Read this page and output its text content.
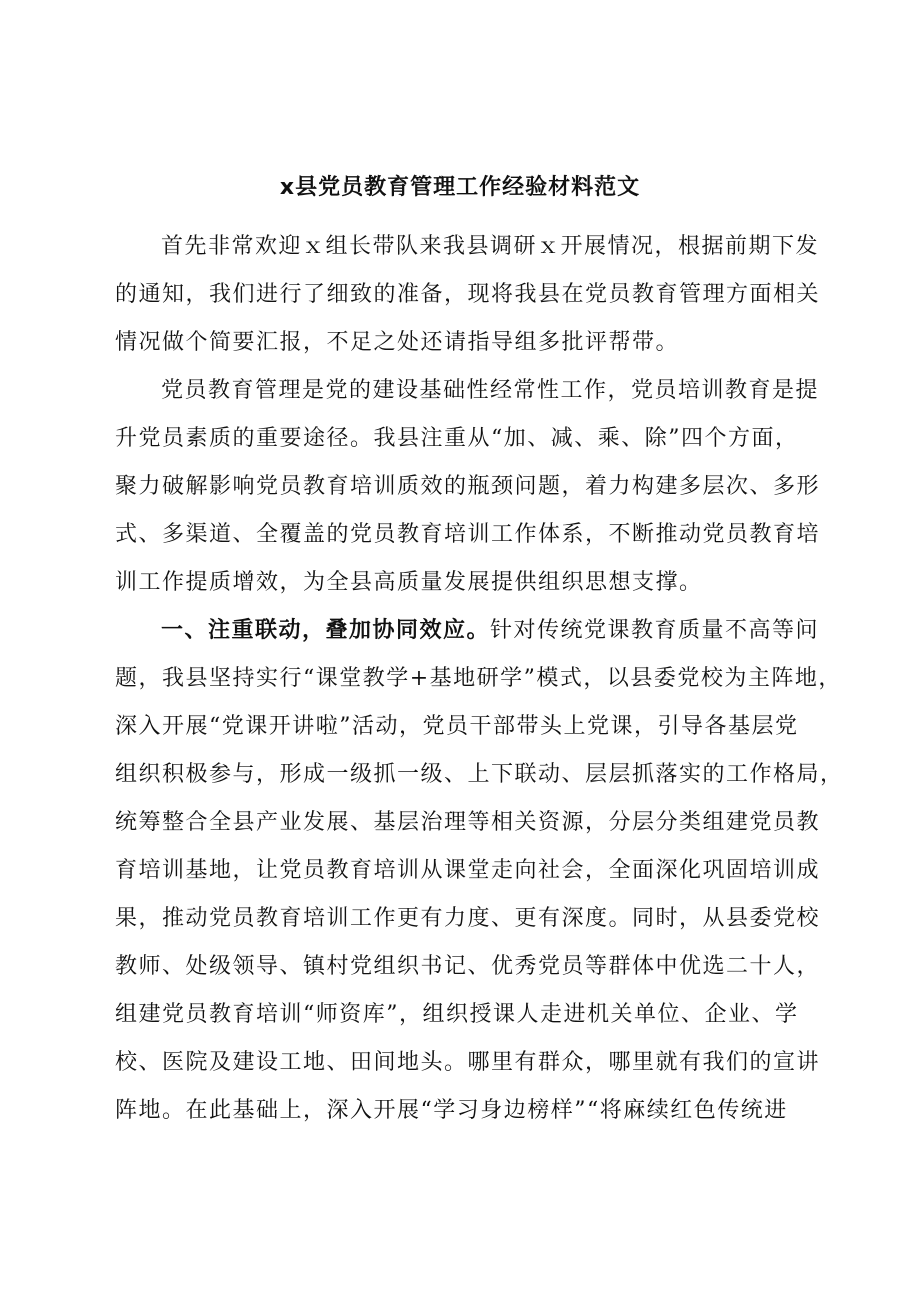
x县党员教育管理工作经验材料范文
首先非常欢迎ｘ组长带队来我县调研ｘ开展情况，根据前期下发
的通知，我们进行了细致的准备，现将我县在党员教育管理方面相关
情况做个简要汇报，不足之处还请指导组多批评帮带。
党员教育管理是党的建设基础性经常性工作，党员培训教育是提
升党员素质的重要途径。我县注重从“加、减、乘、除”四个方面，
聚力破解影响党员教育培训质效的瓶颈问题，着力构建多层次、多形
式、多渠道、全覆盖的党员教育培训工作体系，不断推动党员教育培
训工作提质增效，为全县高质量发展提供组织思想支撑。
一、注重联动，叠加协同效应。针对传统党课教育质量不高等问
题，我县坚持实行“课堂教学+基地研学”模式，以县委党校为主阵地，
深入开展“党课开讲啦”活动，党员干部带头上党课，引导各基层党
组织积极参与，形成一级抓一级、上下联动、层层抓落实的工作格局，
统筹整合全县产业发展、基层治理等相关资源，分层分类组建党员教
育培训基地，让党员教育培训从课堂走向社会，全面深化巩固培训成
果，推动党员教育培训工作更有力度、更有深度。同时，从县委党校
教师、处级领导、镇村党组织书记、优秀党员等群体中优选二十人，
组建党员教育培训“师资库”，组织授课人走进机关单位、企业、学
校、医院及建设工地、田间地头。哪里有群众，哪里就有我们的宣讲
阵地。在此基础上，深入开展“学习身边榜样”“将麻续红色传统进
